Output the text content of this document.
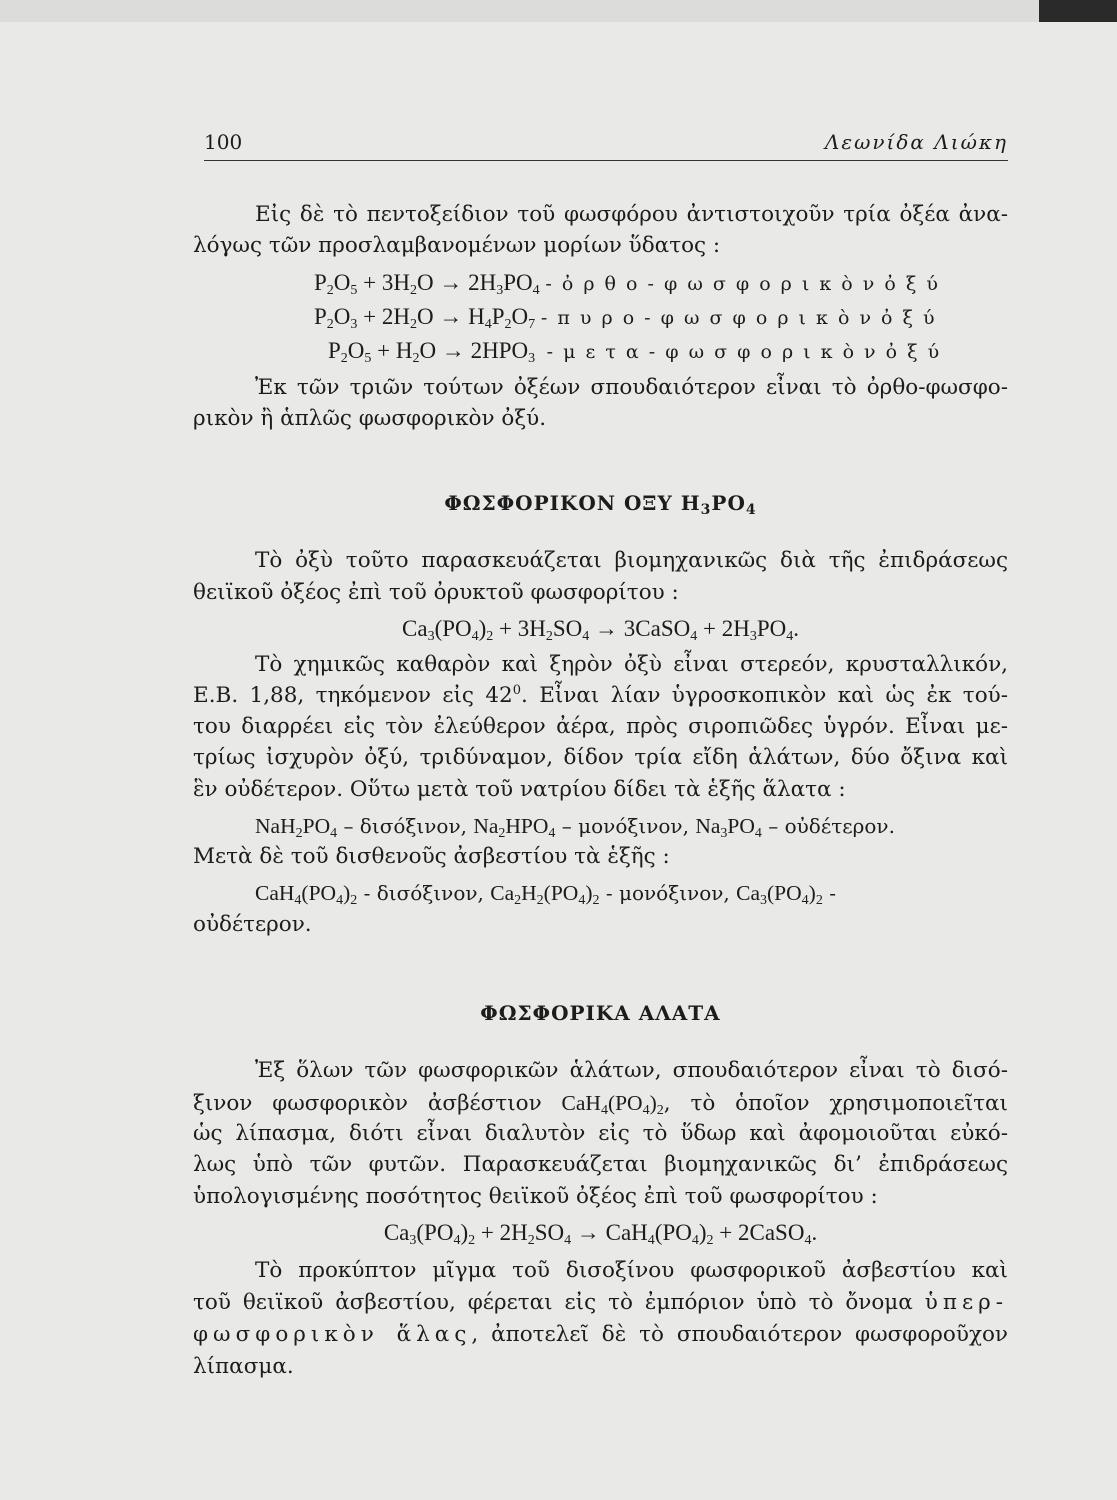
100	Λεωνίδα Λιώκη
Εἰς δὲ τὸ πεντοξείδιον τοῦ φωσφόρου ἀντιστοιχοῦν τρία ὀξέα ἀνα-
λόγως τῶν προσλαμβανομένων μορίων ὕδατος :
$P_2O_5 + 3H_2O \to 2H_3PO_4$ - ὀ ρ θ ο - φ ω σ φ ο ρ ι κ ὸ ν ὀ ξ ύ
$P_2O_3 + 2H_2O \to H_4P_2O_7 - \pi$ υ ρ ο - φ ω σ φ ο ρ ι κ ὸ ν ὀ ξ ύ
$P_2O_5 + H_2O \to 2HPO_3 - \mu$ ε τ α - φ ω σ φ ο ρ ι κ ὸ ν ὀ ξ ύ
Ἐκ τῶν τριῶν τούτων ὀξέων σπουδαιότερον εἶναι τὸ ὀρθο-φωσφο-
ρικὸν ἢ ἁπλῶς φωσφορικὸν ὀξύ.
ΦΩΣΦΟΡΙΚΟΝ ΟΞΥ $H_3PO_4$
Τὸ ὀξὺ τοῦτο παρασκευάζεται βιομηχανικῶς διὰ τῆς ἐπιδράσεως
θειϊκοῦ ὀξέος ἐπὶ τοῦ ὀρυκτοῦ φωσφορίτου :
$Ca_3(PO_4)_2 + 3H_2SO_4$ → 3CaSO$_4$ + $2H_3PO_4$.
Τὸ χημικῶς καθαρὸν καὶ ξηρὸν ὀξὺ εἶναι στερεόν, κρυσταλλικόν,
Ε.Β. 1,88, τηκόμενον εἰς $42^0$. Εἶναι λίαν ὑγροσκοπικὸν καὶ ὡς ἐκ τού-
του διαρρέει εἰς τὸν ἐλεύθερον ἀέρα, πρὸς σιροπιῶδες ὑγρόν. Εἶναι με-
τρίως ἰσχυρὸν ὀξύ, τριδύναμον, δίδον τρία εἴδη ἁλάτων, δύο ὄξινα καὶ
ἓν οὐδέτερον. Οὕτω μετὰ τοῦ νατρίου δίδει τὰ ἑξῆς ἅλατα :
$NaH_2PO_4$ – δισόξινον, $Na_2HPO_4$ – μονόξινον, $Na_3PO_4$ – οὐδέτερον.
Μετὰ δὲ τοῦ δισθενοῦς ἀσβεστίου τὰ ἑξῆς :
$CaH_4(PO_4)_2$ - δισόξινον, $Ca_2H_2(PO_4)_2$ - μονόξινον, $Ca_3(PO_4)_2$ -
οὐδέτερον.
ΦΩΣΦΟΡΙΚΑ ΑΛΑΤΑ
Ἐξ ὅλων τῶν φωσφορικῶν ἁλάτων, σπουδαιότερον εἶναι τὸ δισό-
ξινον φωσφορικὸν ἀσβέστιον $CaH_4(PO_4)_2$, τὸ ὁποῖον χρησιμοποιεῖται
ὡς λίπασμα, διότι εἶναι διαλυτὸν εἰς τὸ ὕδωρ καὶ ἀφομοιοῦται εὐκό-
λως ὑπὸ τῶν φυτῶν. Παρασκευάζεται βιομηχανικῶς δι’ ἐπιδράσεως
ὑπολογισμένης ποσότητος θειϊκοῦ ὀξέος ἐπὶ τοῦ φωσφορίτου :
$Ca_3(PO_4)_2 + 2H_2SO_4 \to CaH_4(PO_4)_2$ + 2CaSO$_4$.
Τὸ προκύπτον μῖγμα τοῦ δισοξίνου φωσφορικοῦ ἀσβεστίου καὶ
τοῦ θειϊκοῦ ἀσβεστίου, φέρεται εἰς τὸ ἐμπόριον ὑπὸ τὸ ὄνομα ὑπερ-
φωσφορικὸν ἅλας, ἀποτελεῖ δὲ τὸ σπουδαιότερον φωσφοροῦχον
λίπασμα.
